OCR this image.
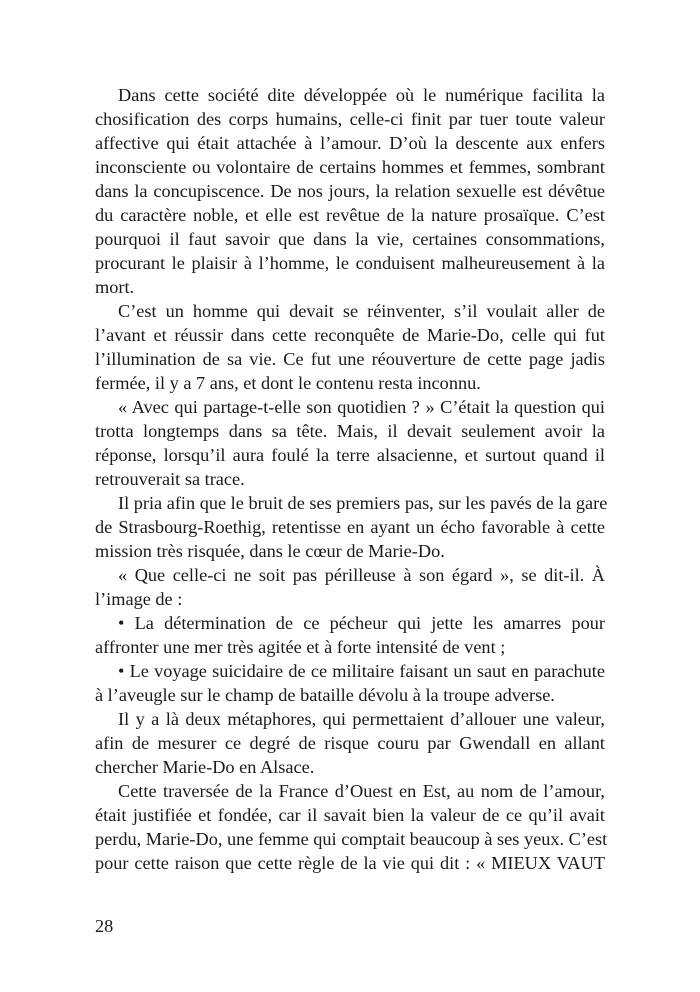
Dans cette société dite développée où le numérique facilita la
chosification des corps humains, celle-ci finit par tuer toute valeur
affective qui était attachée à l’amour. D’où la descente aux enfers
inconsciente ou volontaire de certains hommes et femmes, sombrant
dans la concupiscence. De nos jours, la relation sexuelle est dévêtue
du caractère noble, et elle est revêtue de la nature prosaïque. C’est
pourquoi il faut savoir que dans la vie, certaines consommations,
procurant le plaisir à l’homme, le conduisent malheureusement à la
mort.
C’est un homme qui devait se réinventer, s’il voulait aller de
l’avant et réussir dans cette reconquête de Marie-Do, celle qui fut
l’illumination de sa vie. Ce fut une réouverture de cette page jadis
fermée, il y a 7 ans, et dont le contenu resta inconnu.
« Avec qui partage-t-elle son quotidien ? » C’était la question qui
trotta longtemps dans sa tête. Mais, il devait seulement avoir la
réponse, lorsqu’il aura foulé la terre alsacienne, et surtout quand il
retrouverait sa trace.
Il pria afin que le bruit de ses premiers pas, sur les pavés de la gare
de Strasbourg-Roethig, retentisse en ayant un écho favorable à cette
mission très risquée, dans le cœur de Marie-Do.
« Que celle-ci ne soit pas périlleuse à son égard », se dit-il. À
l’image de :
• La détermination de ce pécheur qui jette les amarres pour
affronter une mer très agitée et à forte intensité de vent ;
• Le voyage suicidaire de ce militaire faisant un saut en parachute
à l’aveugle sur le champ de bataille dévolu à la troupe adverse.
Il y a là deux métaphores, qui permettaient d’allouer une valeur,
afin de mesurer ce degré de risque couru par Gwendall en allant
chercher Marie-Do en Alsace.
Cette traversée de la France d’Ouest en Est, au nom de l’amour,
était justifiée et fondée, car il savait bien la valeur de ce qu’il avait
perdu, Marie-Do, une femme qui comptait beaucoup à ses yeux. C’est
pour cette raison que cette règle de la vie qui dit : « MIEUX VAUT
28
